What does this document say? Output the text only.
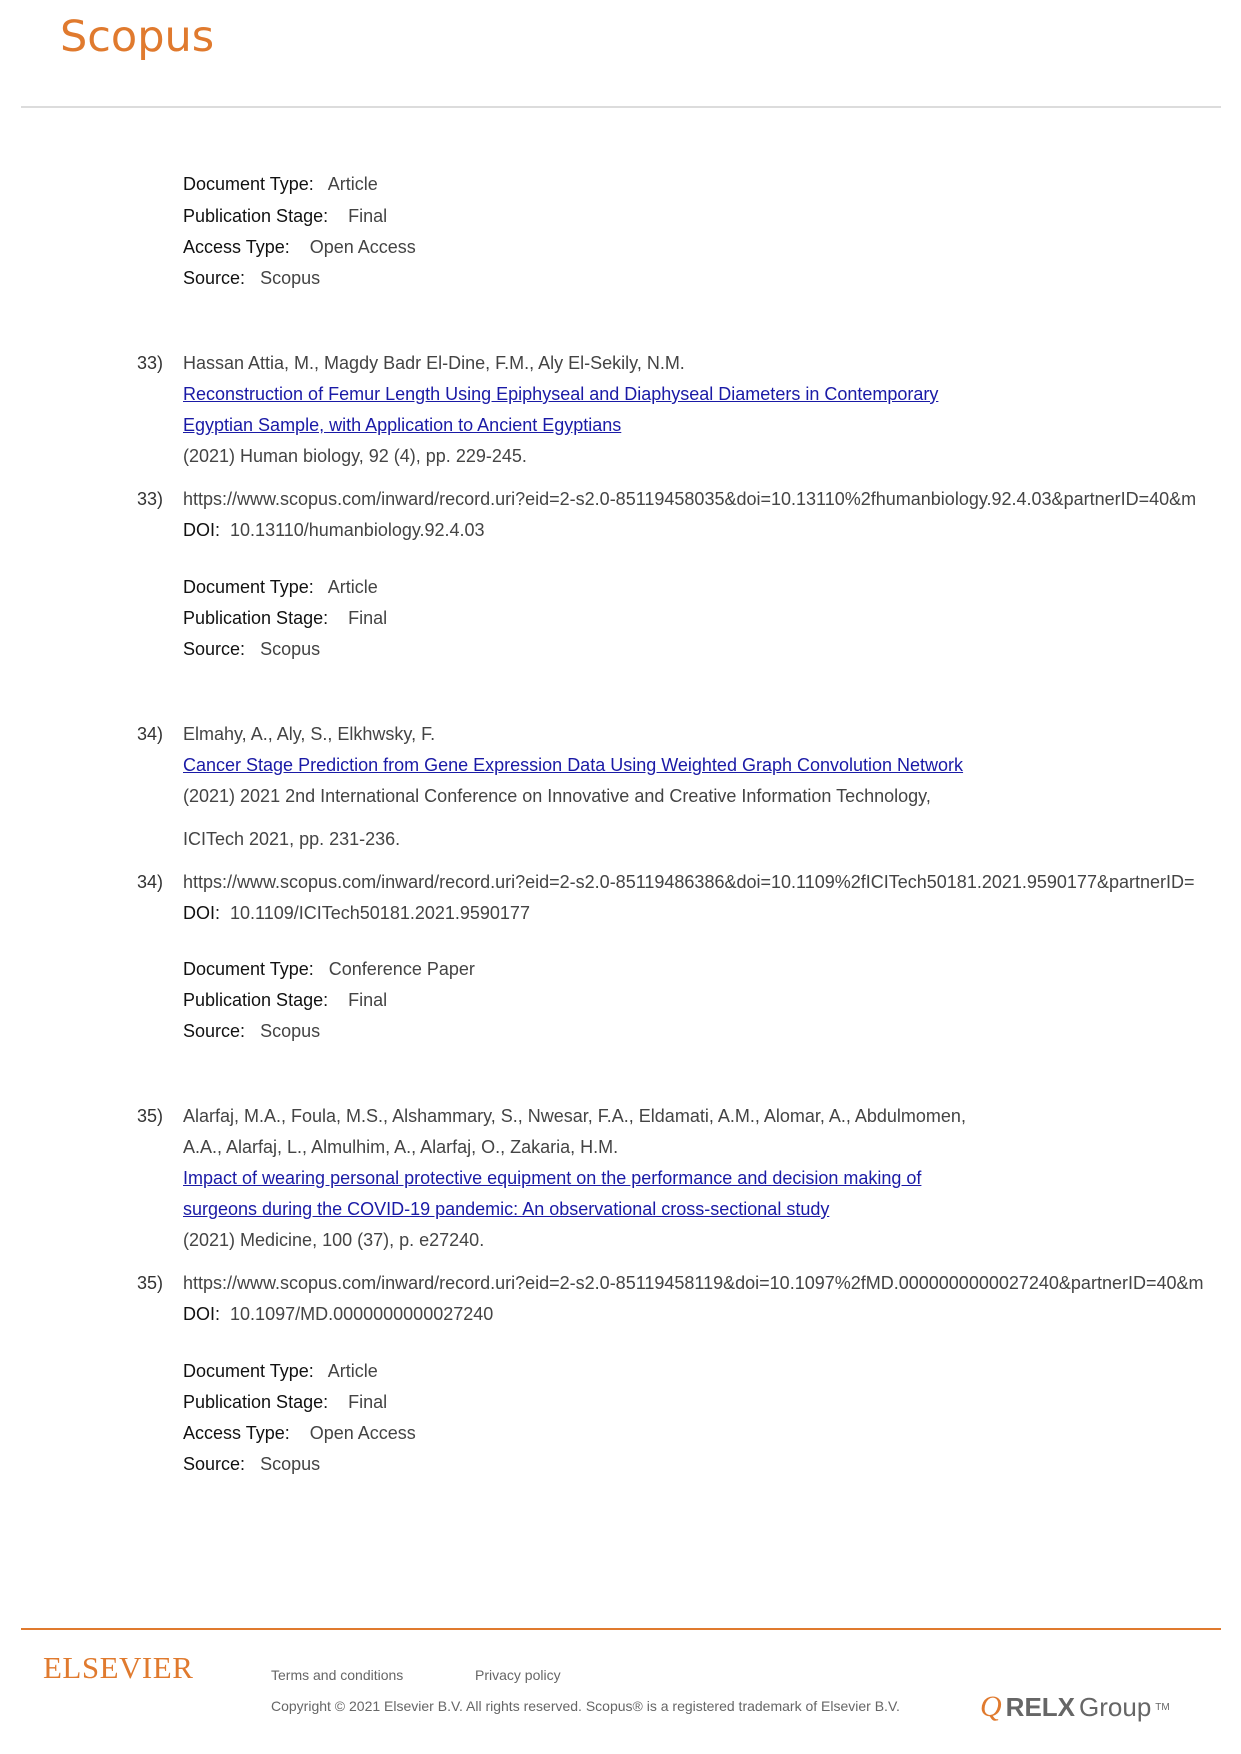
Scopus
Document Type: Article
Publication Stage: Final
Access Type: Open Access
Source: Scopus
33) Hassan Attia, M., Magdy Badr El-Dine, F.M., Aly El-Sekily, N.M.
Reconstruction of Femur Length Using Epiphyseal and Diaphyseal Diameters in Contemporary
Egyptian Sample, with Application to Ancient Egyptians
(2021) Human biology, 92 (4), pp. 229-245.
33) https://www.scopus.com/inward/record.uri?eid=2-s2.0-85119458035&doi=10.13110%2fhumanbiology.92.4.03&partnerID=40&m
DOI: 10.13110/humanbiology.92.4.03
Document Type: Article
Publication Stage: Final
Source: Scopus
34) Elmahy, A., Aly, S., Elkhwsky, F.
Cancer Stage Prediction from Gene Expression Data Using Weighted Graph Convolution Network
(2021) 2021 2nd International Conference on Innovative and Creative Information Technology,
ICITech 2021, pp. 231-236.
34) https://www.scopus.com/inward/record.uri?eid=2-s2.0-85119486386&doi=10.1109%2fICITech50181.2021.9590177&partnerID=
DOI: 10.1109/ICITech50181.2021.9590177
Document Type: Conference Paper
Publication Stage: Final
Source: Scopus
35) Alarfaj, M.A., Foula, M.S., Alshammary, S., Nwesar, F.A., Eldamati, A.M., Alomar, A., Abdulmomen,
A.A., Alarfaj, L., Almulhim, A., Alarfaj, O., Zakaria, H.M.
Impact of wearing personal protective equipment on the performance and decision making of
surgeons during the COVID-19 pandemic: An observational cross-sectional study
(2021) Medicine, 100 (37), p. e27240.
35) https://www.scopus.com/inward/record.uri?eid=2-s2.0-85119458119&doi=10.1097%2fMD.0000000000027240&partnerID=40&m
DOI: 10.1097/MD.0000000000027240
Document Type: Article
Publication Stage: Final
Access Type: Open Access
Source: Scopus
ELSEVIER	Terms and conditions	Privacy policy
Copyright © 2021 Elsevier B.V. All rights reserved. Scopus® is a registered trademark of Elsevier B.V.	Q RELX Group TM
